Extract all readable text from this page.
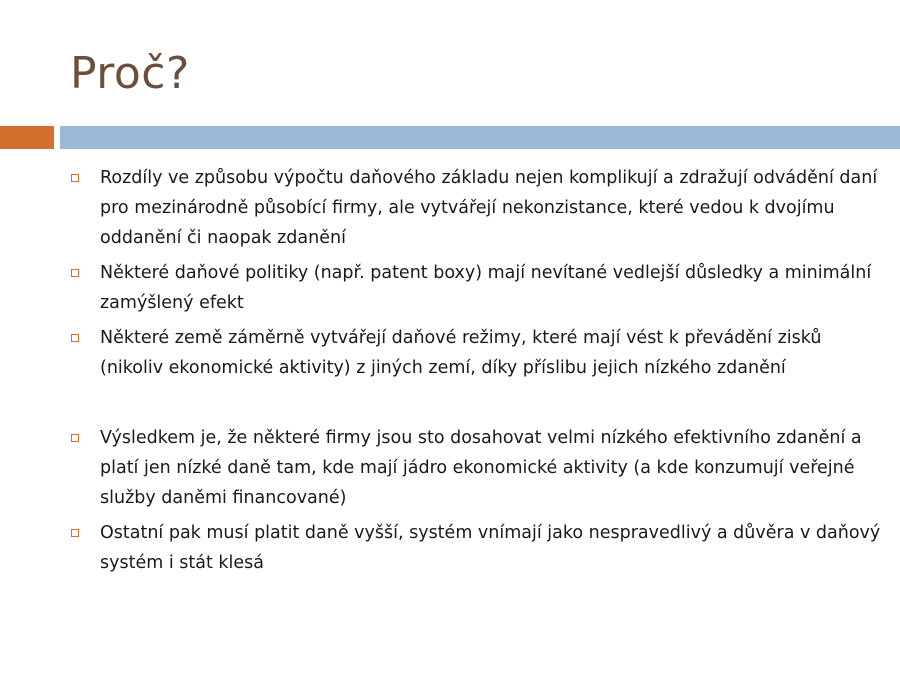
Proč?
Rozdíly ve způsobu výpočtu daňového základu nejen komplikují a zdražují odvádění daní pro mezinárodně působící firmy, ale vytvářejí nekonzistance, které vedou k dvojímu oddanění či naopak zdanění
Některé daňové politiky (např. patent boxy) mají nevítané vedlejší důsledky a minimální zamýšlený efekt
Některé země záměrně vytvářejí daňové režimy, které mají vést k převádění zisků (nikoliv ekonomické aktivity) z jiných zemí, díky příslibu jejich nízkého zdanění
Výsledkem je, že některé firmy jsou sto dosahovat velmi nízkého efektivního zdanění a platí jen nízké daně tam, kde mají jádro ekonomické aktivity (a kde konzumují veřejné služby daněmi financované)
Ostatní pak musí platit daně vyšší, systém vnímají jako nespravedlivý a důvěra v daňový systém i stát klesá
